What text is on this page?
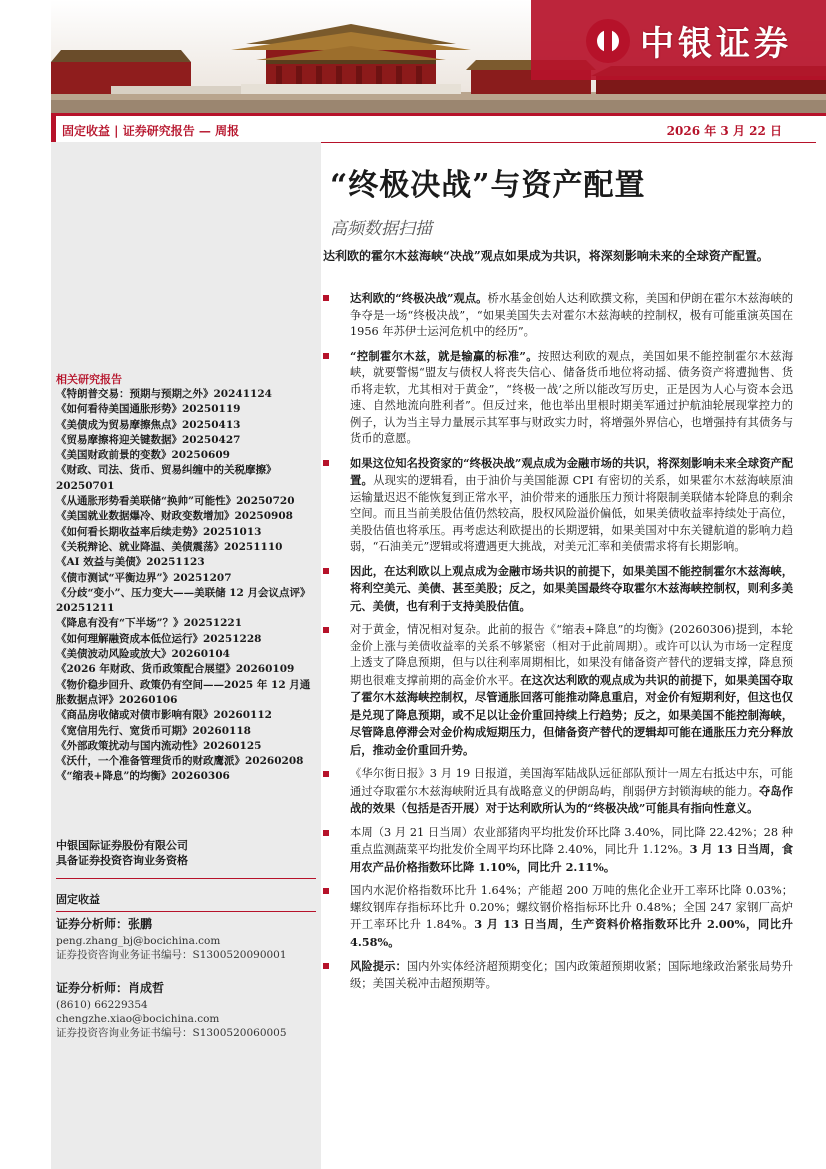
中银证券
固定收益 | 证券研究报告 — 周报	2026 年 3 月 22 日
相关研究报告
《特朗普交易：预期与预期之外》20241124
《如何看待美国通胀形势》20250119
《美债成为贸易摩擦焦点》20250413
《贸易摩擦将迎关键数据》20250427
《美国财政前景的变数》20250609
《财政、司法、货币、贸易纠缠中的关税摩擦》20250701
《从通胀形势看美联储“换帅”可能性》20250720
《美国就业数据爆冷、财政变数增加》20250908
《如何看长期收益率后续走势》20251013
《关税辩论、就业降温、美债震荡》20251110
《AI 效益与美债》20251123
《债市测试“平衡边界”》20251207
《分歧“变小”、压力变大——美联储 12 月会议点评》20251211
《降息有没有“下半场”？》20251221
《如何理解融资成本低位运行》20251228
《美债波动风险或放大》20260104
《2026 年财政、货币政策配合展望》20260109
《物价稳步回升、政策仍有空间——2025 年 12 月通胀数据点评》20260106
《商品房收储或对债市影响有限》20260112
《宽信用先行、宽货币可期》20260118
《外部政策扰动与国内流动性》20260125
《沃什，一个准备管理货币的财政鹰派》20260208
《“缩表+降息”的均衡》20260306
中银国际证券股份有限公司
具备证券投资咨询业务资格
固定收益
证券分析师：张鹏
peng.zhang_bj@bocichina.com
证券投资咨询业务证书编号：S1300520090001
证券分析师：肖成哲
(8610) 66229354
chengzhe.xiao@bocichina.com
证券投资咨询业务证书编号：S1300520060005
“终极决战”与资产配置
高频数据扫描
达利欧的霍尔木兹海峡“决战”观点如果成为共识，将深刻影响未来的全球资产配置。
达利欧的“终极决战”观点。桥水基金创始人达利欧撰文称，美国和伊朗在霍尔木兹海峡的争夺是一场“终极决战”，“如果美国失去对霍尔木兹海峡的控制权，极有可能重演英国在 1956 年苏伊士运河危机中的经历”。
“控制霍尔木兹，就是输赢的标准”。按照达利欧的观点，美国如果不能控制霍尔木兹海峡，就要警惕“盟友与债权人将丧失信心、储备货币地位将动摇、债务资产将遭抛售、货币将走软，尤其相对于黄金”，“终极一战’之所以能改写历史，正是因为人心与资本会迅速、自然地流向胜利者”。但反过来，他也举出里根时期美军通过护航油轮展现掌控力的例子，认为当主导力量展示其军事与财政实力时，将增强外界信心，也增强持有其债务与货币的意愿。
如果这位知名投资家的“终极决战”观点成为金融市场的共识，将深刻影响未来全球资产配置。从现实的逻辑看，由于油价与美国能源 CPI 有密切的关系，如果霍尔木兹海峡原油运输量迟迟不能恢复到正常水平，油价带来的通胀压力预计将限制美联储本轮降息的剩余空间。而且当前美股估值仍然较高，股权风险溢价偏低，如果美债收益率持续处于高位，美股估值也将承压。再考虑达利欧提出的长期逻辑，如果美国对中东关键航道的影响力趋弱，“石油美元”逻辑或将遭遇更大挑战，对美元汇率和美债需求将有长期影响。
因此，在达利欧以上观点成为金融市场共识的前提下，如果美国不能控制霍尔木兹海峡，将利空美元、美债、甚至美股；反之，如果美国最终夺取霍尔木兹海峡控制权，则利多美元、美债，也有利于支持美股估值。
对于黄金，情况相对复杂。此前的报告《“缩表+降息”的均衡》(20260306)提到，本轮金价上涨与美债收益率的关系不够紧密（相对于此前周期）。或许可以认为市场一定程度上透支了降息预期，但与以往利率周期相比，如果没有储备资产替代的逻辑支撑，降息预期也很难支撑前期的高金价水平。在这次达利欧的观点成为共识的前提下，如果美国夺取了霍尔木兹海峡控制权，尽管通胀回落可能推动降息重启，对金价有短期利好，但这也仅是兑现了降息预期，或不足以让金价重回持续上行趋势；反之，如果美国不能控制海峡，尽管降息停滞会对金价构成短期压力，但储备资产替代的逻辑却可能在通胀压力充分释放后，推动金价重回升势。
《华尔街日报》3 月 19 日报道，美国海军陆战队远征部队预计一周左右抵达中东，可能通过夺取霍尔木兹海峡附近具有战略意义的伊朗岛屿，削弱伊方封锁海峡的能力。夺岛作战的效果（包括是否开展）对于达利欧所认为的“终极决战”可能具有指向性意义。
本周（3 月 21 日当周）农业部猪肉平均批发价环比降 3.40%，同比降 22.42%；28 种重点监测蔬菜平均批发价全周平均环比降 2.40%，同比升 1.12%。3 月 13 日当周，食用农产品价格指数环比降 1.10%，同比升 2.11%。
国内水泥价格指数环比升 1.64%；产能超 200 万吨的焦化企业开工率环比降 0.03%；螺纹钢库存指标环比升 0.20%；螺纹钢价格指标环比升 0.48%；全国 247 家钢厂高炉开工率环比升 1.84%。3 月 13 日当周，生产资料价格指数环比升 2.00%，同比升 4.58%。
风险提示：国内外实体经济超预期变化；国内政策超预期收紧；国际地缘政治紧张局势升级；美国关税冲击超预期等。
